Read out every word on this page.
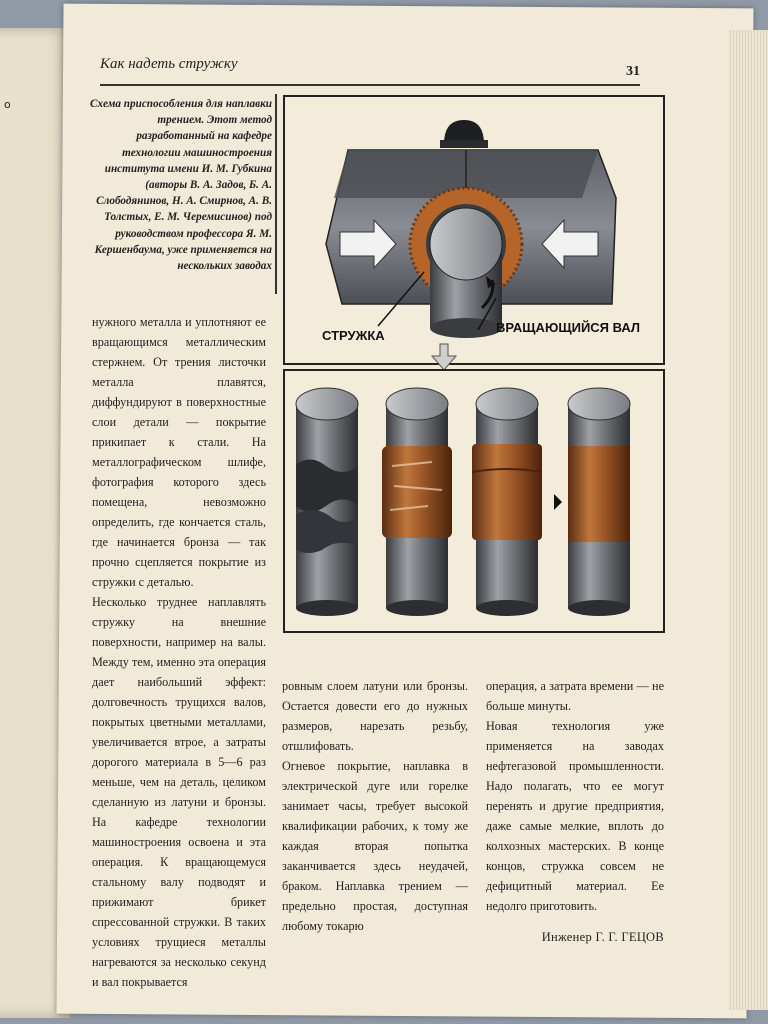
о
Как надеть стружку	31
Схема приспособления для наплавки трением. Этот метод разработанный на кафедре технологии машиностроения института имени И. М. Губкина (авторы В. А. Задов, Б. А. Слободянинов, Н. А. Смирнов, А. В. Толстых, Е. М. Черемисинов) под руководством профессора Я. М. Кершенбаума, уже применяется на нескольких заводах
СТРУЖКА
ВРАЩАЮЩИЙСЯ ВАЛ
нужного металла и уплотняют ее вращающимся металлическим стержнем. От трения листочки металла плавятся, диффундируют в поверхностные слои детали — покрытие прикипает к стали. На металлографическом шлифе, фотография которого здесь помещена, невозможно определить, где кончается сталь, где начинается бронза — так прочно сцепляется покрытие из стружки с деталью.
Несколько труднее наплавлять стружку на внешние поверхности, например на валы. Между тем, именно эта операция дает наибольший эффект: долговечность трущихся валов, покрытых цветными металлами, увеличивается втрое, а затраты дорогого материала в 5—6 раз меньше, чем на деталь, целиком сделанную из латуни и бронзы. На кафедре технологии машиностроения освоена и эта операция. К вращающемуся стальному валу подводят и прижимают брикет спрессованной стружки. В таких условиях трущиеся металлы нагреваются за несколько секунд и вал покрывается
ровным слоем латуни или бронзы. Остается довести его до нужных размеров, нарезать резьбу, отшлифовать.
Огневое покрытие, наплавка в электрической дуге или горелке занимает часы, требует высокой квалификации рабочих, к тому же каждая вторая попытка заканчивается здесь неудачей, браком. Наплавка трением — предельно простая, доступная любому токарю
операция, а затрата времени — не больше минуты.
Новая технология уже применяется на заводах нефтегазовой промышленности. Надо полагать, что ее могут перенять и другие предприятия, даже самые мелкие, вплоть до колхозных мастерских. В конце концов, стружка совсем не дефицитный материал. Ее недолго приготовить.
Инженер Г. Г. ГЕЦОВ
